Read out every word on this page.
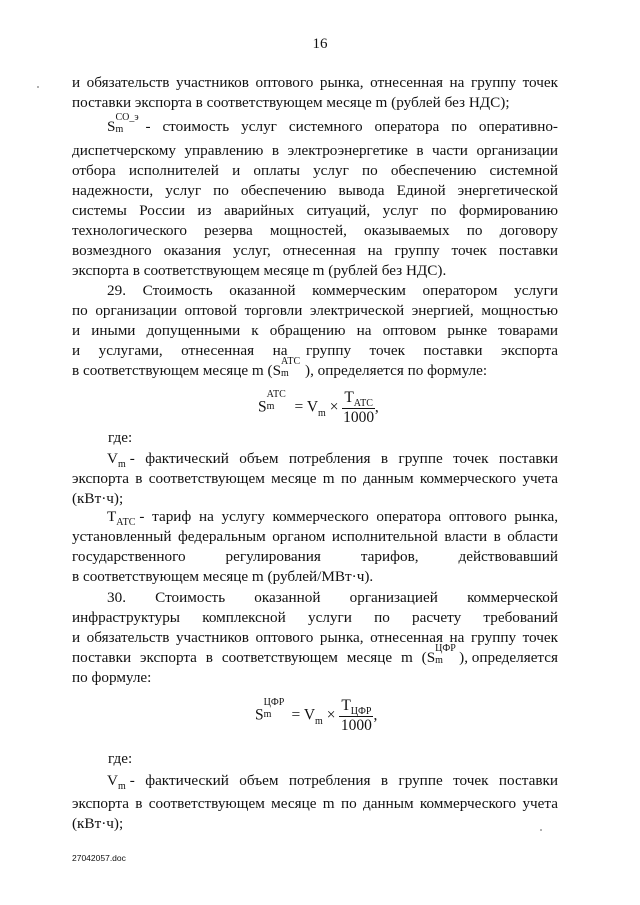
16
и обязательств участников оптового рынка, отнесенная на группу точек
поставки экспорта в соответствующем месяце m (рублей без НДС);
S
СО_э
m - стоимость услуг системного оператора по оперативно-
диспетчерскому управлению в электроэнергетике в части организации
отбора исполнителей и оплаты услуг по обеспечению системной
надежности, услуг по обеспечению вывода Единой энергетической
системы России из аварийных ситуаций, услуг по формированию
технологического резерва мощностей, оказываемых по договору
возмездного оказания услуг, отнесенная на группу точек поставки
экспорта в соответствующем месяце m (рублей без НДС).
29. Стоимость оказанной коммерческим оператором услуги
по организации оптовой торговли электрической энергией, мощностью
и иными допущенными к обращению на оптовом рынке товарами
и услугами, отнесенная на группу точек поставки экспорта
в соответствующем месяце m (S
АТС
m ), определяется по формуле:
S
АТС
$m = V_m \times \frac{T_{АТС}}{1000}$ ,
где:
V m - фактический объем потребления в группе точек поставки
экспорта в соответствующем месяце m по данным коммерческого учета
(кВт·ч);
T АТС - тариф на услугу коммерческого оператора оптового рынка,
установленный федеральным органом исполнительной власти в области
государственного регулирования тарифов, действовавший
в соответствующем месяце m (рублей/МВт·ч).
30. Стоимость оказанной организацией коммерческой
инфраструктуры комплексной услуги по расчету требований
и обязательств участников оптового рынка, отнесенная на группу точек
поставки экспорта в соответствующем месяце m (S
ЦФР
m ), определяется
по формуле:
S
ЦФР
$m = V_m \times \frac{T_{ЦФР}}{1000}$ ,
где:
V m - фактический объем потребления в группе точек поставки
экспорта в соответствующем месяце m по данным коммерческого учета
(кВт·ч);
27042057.doc
